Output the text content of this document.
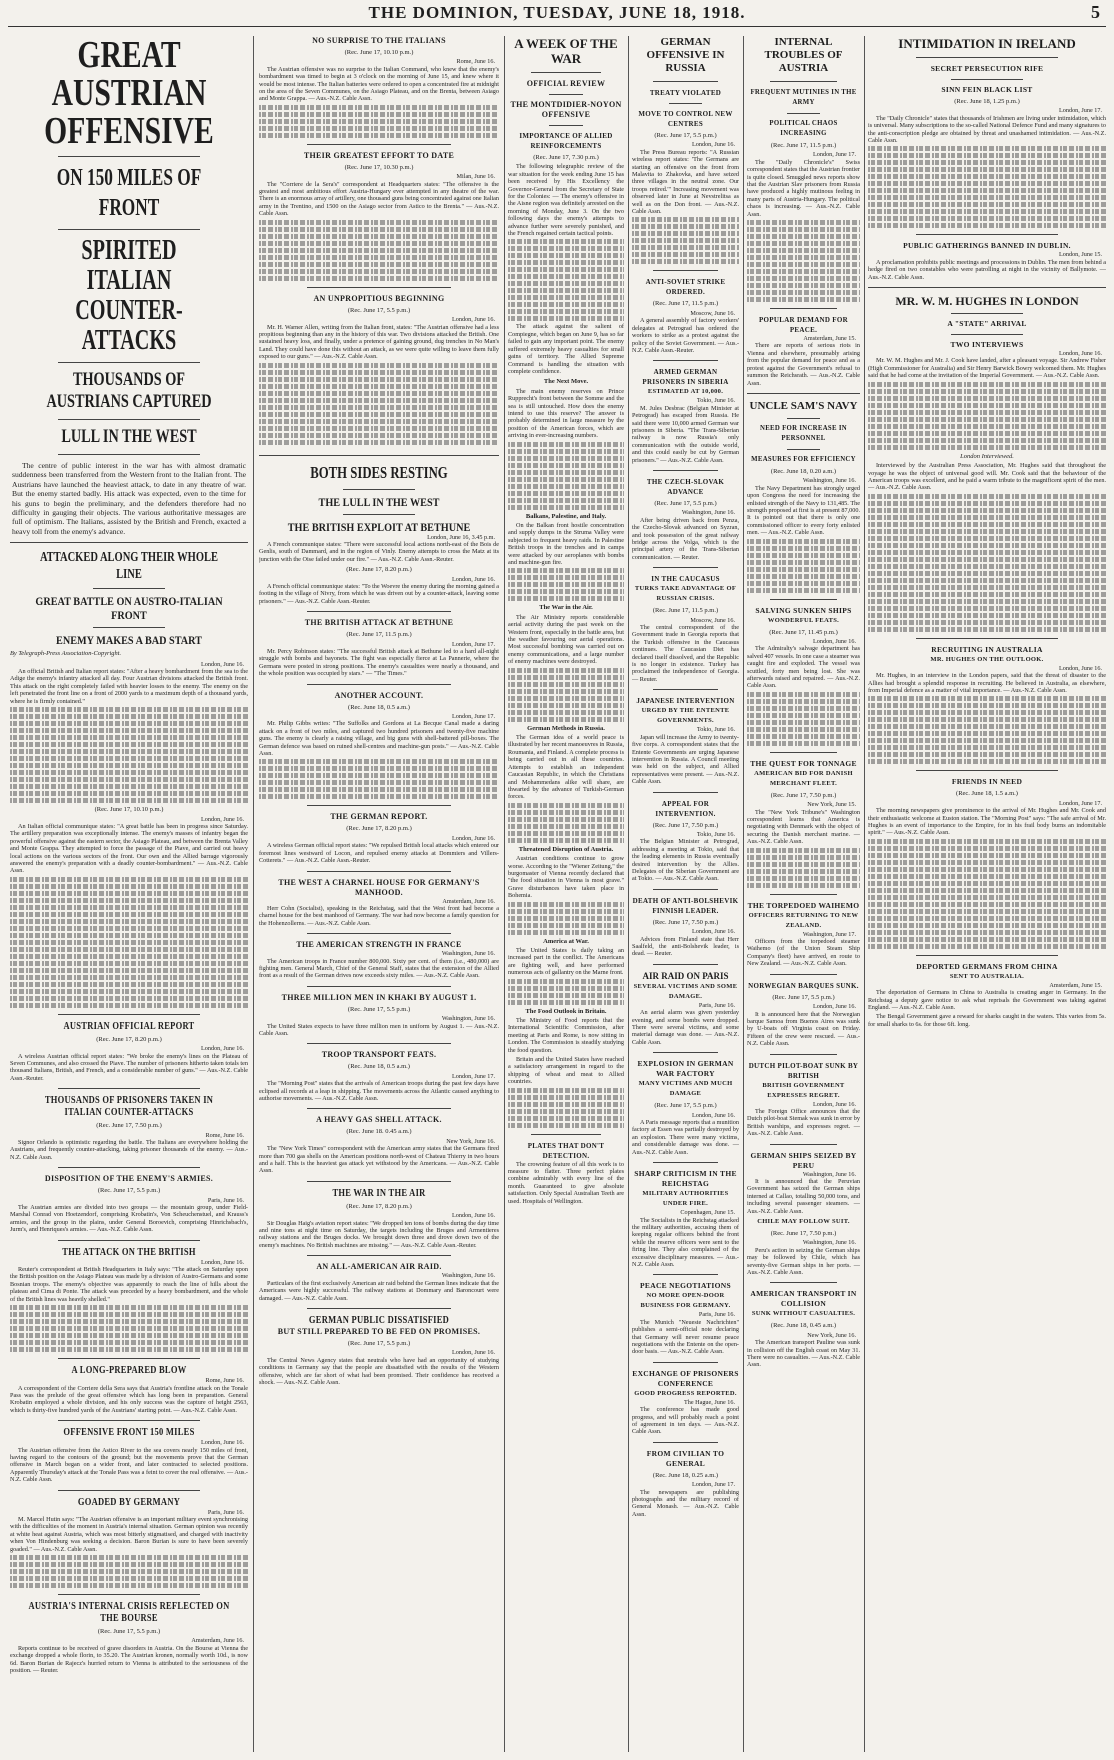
THE DOMINION, TUESDAY, JUNE 18, 1918.	5
GREAT AUSTRIAN OFFENSIVE
ON 150 MILES OF FRONT
SPIRITED ITALIAN COUNTER-ATTACKS
THOUSANDS OF AUSTRIANS CAPTURED
LULL IN THE WEST

The centre of public interest in the war has with almost dramatic suddenness been transferred from the Western front to the Italian front. The Austrians have launched the heaviest attack, to date in any theatre of war. But the enemy started badly. His attack was expected, even to the time for his guns to begin the preliminary, and the defenders therefore had no difficulty in gauging their objects. The various authoritative messages are full of optimism. The Italians, assisted by the British and French, exacted a heavy toll from the enemy's advance.

ATTACKED ALONG THEIR WHOLE LINE
GREAT BATTLE ON AUSTRO-ITALIAN FRONT
ENEMY MAKES A BAD START
By Telegraph-Press Association-Copyright.
London, June 16.

An official British and Italian report states: "After a heavy bombardment from the sea to the Adige the enemy's infantry attacked all day. Four Austrian divisions attacked the British front. This attack on the right completely failed with heavier losses to the enemy. The enemy on the left penetrated the front line on a front of 2000 yards to a maximum depth of a thousand yards, where he is firmly contained."

(Rec. June 17, 10.10 p.m.)
London, June 16.

An Italian official communique states: "A great battle has been in progress since Saturday. The artillery preparation was exceptionally intense. The enemy's masses of infantry began the powerful offensive against the eastern sector, the Asiago Plateau, and between the Brenta Valley and Monte Grappa. They attempted to force the passage of the Piave, and carried out heavy local actions on the various sectors of the front. Our own and the Allied barrage vigorously answered the enemy's preparation with a deadly counter-bombardment." — Aus.-N.Z. Cable Assn.

AUSTRIAN OFFICIAL REPORT
(Rec. June 17, 8.20 p.m.)
London, June 16.

A wireless Austrian official report states: "We broke the enemy's lines on the Plateau of Seven Communes, and also crossed the Piave. The number of prisoners hitherto taken totals ten thousand Italians, British, and French, and a considerable number of guns." — Aus.-N.Z. Cable Assn.-Reuter.

THOUSANDS OF PRISONERS TAKEN IN ITALIAN COUNTER-ATTACKS
(Rec. June 17, 7.50 p.m.)
Rome, June 16.

Signor Orlando is optimistic regarding the battle. The Italians are everywhere holding the Austrians, and frequently counter-attacking, taking prisoner thousands of the enemy. — Aus.-N.Z. Cable Assn.

DISPOSITION OF THE ENEMY'S ARMIES.
(Rec. June 17, 5.5 p.m.)
Paris, June 16.

The Austrian armies are divided into two groups — the mountain group, under Field-Marshal Conrad von Hoetzendorf, comprising Krobatin's, Von Scheuchenstuel, and Krauss's armies, and the group in the plains, under General Boroevich, comprising Hinrichsbach's, Jurm's, and Henriques's armies. — Aus.-N.Z. Cable Assn.

THE ATTACK ON THE BRITISH
London, June 16.

Reuter's correspondent at British Headquarters in Italy says: "The attack on Saturday upon the British position on the Asiago Plateau was made by a division of Austro-Germans and some Bosnian troops. The enemy's objective was apparently to reach the line of hills about the plateau and Cima di Ponte. The attack was preceded by a heavy bombardment, and the whole of the British lines was heavily shelled."

A LONG-PREPARED BLOW
Rome, June 16.

A correspondent of the Corriere della Sera says that Austria's frontline attack on the Tonale Pass was the prelude of the great offensive which has long been in preparation. General Krobatin employed a whole division, and his only success was the capture of height 2563, which is thirty-five hundred yards of the Austrians' starting point. — Aus.-N.Z. Cable Assn.

OFFENSIVE FRONT 150 MILES
London, June 16.

The Austrian offensive from the Astico River to the sea covers nearly 150 miles of front, having regard to the contours of the ground; but the movements prove that the German offensive in March began on a wider front, and later contracted to selected positions. Apparently Thursday's attack at the Tonale Pass was a feint to cover the real offensive. — Aus.-N.Z. Cable Assn.

GOADED BY GERMANY
Paris, June 16.

M. Marcel Hutin says: "The Austrian offensive is an important military event synchronising with the difficulties of the moment in Austria's internal situation. German opinion was recently at white heat against Austria, which was most bitterly stigmatised, and charged with inactivity when Von Hindenburg was seeking a decision. Baron Burian is sure to have been severely goaded." — Aus.-N.Z. Cable Assn.

AUSTRIA'S INTERNAL CRISIS REFLECTED ON THE BOURSE
(Rec. June 17, 5.5 p.m.)
Amsterdam, June 16.

Reports continue to be received of grave disorders in Austria. On the Bourse at Vienna the exchange dropped a whole florin, to 35.20. The Austrian kronen, normally worth 10d., is now 6d. Baron Burian de Rajecz's hurried return to Vienna is attributed to the seriousness of the position. — Reuter.

NO SURPRISE TO THE ITALIANS
(Rec. June 17, 10.10 p.m.)
Rome, June 16.

The Austrian offensive was no surprise to the Italian Command, who knew that the enemy's bombardment was timed to begin at 3 o'clock on the morning of June 15, and knew where it would be most intense. The Italian batteries were ordered to open a concentrated fire at midnight on the area of the Seven Communes, on the Asiago Plateau, and on the Brenta, between Asiago and Monte Grappa. — Aus.-N.Z. Cable Assn.

THEIR GREATEST EFFORT TO DATE
(Rec. June 17, 10.30 p.m.)
Milan, June 16.

The "Corriere de la Sera's" correspondent at Headquarters states: "The offensive is the greatest and most ambitious effort Austria-Hungary ever attempted in any theatre of the war. There is an enormous array of artillery, one thousand guns being concentrated against one Italian army in the Trentino, and 1500 on the Asiago sector from Astico to the Brenta." — Aus.-N.Z. Cable Assn.

AN UNPROPITIOUS BEGINNING
(Rec. June 17, 5.5 p.m.)
London, June 16.

Mr. H. Warner Allen, writing from the Italian front, states: "The Austrian offensive had a less propitious beginning than any in the history of this war. Two divisions attacked the British. One sustained heavy loss, and finally, under a pretence of gaining ground, dug trenches in No Man's Land. They could have done this without an attack, as we were quite willing to leave them fully exposed to our guns." — Aus.-N.Z. Cable Assn.

BOTH SIDES RESTING
THE LULL IN THE WEST
THE BRITISH EXPLOIT AT BETHUNE
London, June 16, 3.45 p.m.

A French communique states: "There were successful local actions north-east of the Bois de Genlis, south of Dammard, and in the region of Vinly. Enemy attempts to cross the Matz at its junction with the Oise failed under our fire." — Aus.-N.Z. Cable Assn.-Reuter.

(Rec. June 17, 8.20 p.m.)
London, June 16.

A French official communique states: "To the Woevre the enemy during the morning gained a footing in the village of Nivry, from which he was driven out by a counter-attack, leaving some prisoners." — Aus.-N.Z. Cable Assn.-Reuter.

THE BRITISH ATTACK AT BETHUNE
(Rec. June 17, 11.5 p.m.)
London, June 17.

Mr. Percy Robinson states: "The successful British attack at Bethune led to a hard all-night struggle with bombs and bayonets. The fight was especially fierce at La Pannerie, where the Germans were posted in strong positions. The enemy's casualties were nearly a thousand, and the whole position was occupied by stars." — "The Times."

ANOTHER ACCOUNT.
(Rec. June 18, 0.5 a.m.)
London, June 17.

Mr. Philip Gibbs writes: "The Suffolks and Gordons at La Becque Canal made a daring attack on a front of two miles, and captured two hundred prisoners and twenty-five machine guns. The enemy is clearly a raising village, and big guns with shell-battered pill-boxes. The German defence was based on ruined shell-centres and machine-gun posts." — Aus.-N.Z. Cable Assn.

THE GERMAN REPORT.
(Rec. June 17, 8.20 p.m.)
London, June 16.

A wireless German official report states: "We repulsed British local attacks which entered our foremost lines westward of Locon, and repulsed enemy attacks at Dommiers and Villers-Cotterets." — Aus.-N.Z. Cable Assn.-Reuter.

THE WEST A CHARNEL HOUSE FOR GERMANY'S MANHOOD.
Amsterdam, June 16.

Herr Cohn (Socialist), speaking in the Reichstag, said that the West front had become a charnel house for the best manhood of Germany. The war had now become a family question for the Hohenzollerns. — Aus.-N.Z. Cable Assn.

THE AMERICAN STRENGTH IN FRANCE
Washington, June 16.

The American troops in France number 800,000. Sixty per cent. of them (i.e., 480,000) are fighting men. General March, Chief of the General Staff, states that the extension of the Allied front as a result of the German drives now exceeds sixty miles. — Aus.-N.Z. Cable Assn.

THREE MILLION MEN IN KHAKI BY AUGUST 1.
(Rec. June 17, 5.5 p.m.)
Washington, June 16.

The United States expects to have three million men in uniform by August 1. — Aus.-N.Z. Cable Assn.

TROOP TRANSPORT FEATS.
(Rec. June 18, 0.5 a.m.)
London, June 17.

The "Morning Post" states that the arrivals of American troops during the past few days have eclipsed all records at a leap in shipping. The movements across the Atlantic caused anything to authorise movements. — Aus.-N.Z. Cable Assn.

A HEAVY GAS SHELL ATTACK.
(Rec. June 18. 0.45 a.m.)
New York, June 16.

The "New York Times" correspondent with the American army states that the Germans fired more than 700 gas shells on the American positions north-west of Chateau Thierry in two hours and a half. This is the heaviest gas attack yet withstood by the Americans. — Aus.-N.Z. Cable Assn.

THE WAR IN THE AIR
(Rec. June 17, 8.20 p.m.)
London, June 16.

Sir Douglas Haig's aviation report states: "We dropped ten tons of bombs during the day time and nine tons at night time on Saturday, the targets including the Bruges and Armentieres railway stations and the Bruges docks. We brought down three and drove down two of the enemy's machines. No British machines are missing." — Aus.-N.Z. Cable Assn.-Reuter.

AN ALL-AMERICAN AIR RAID.
Washington, June 16.

Particulars of the first exclusively American air raid behind the German lines indicate that the Americans were highly successful. The railway stations at Dommary and Baroncourt were damaged. — Aus.-N.Z. Cable Assn.

GERMAN PUBLIC DISSATISFIED
BUT STILL PREPARED TO BE FED ON PROMISES.
(Rec. June 17, 5.5 p.m.)
London, June 16.

The Central News Agency states that neutrals who have had an opportunity of studying conditions in Germany say that the people are dissatisfied with the results of the Western offensive, which are far short of what had been promised. Their confidence has received a shock. — Aus.-N.Z. Cable Assn.

A WEEK OF THE WAR
OFFICIAL REVIEW
THE MONTDIDIER-NOYON OFFENSIVE
IMPORTANCE OF ALLIED REINFORCEMENTS
(Rec. June 17, 7.30 p.m.)

The following telegraphic review of the war situation for the week ending June 15 has been received by His Excellency the Governor-General from the Secretary of State for the Colonies: — The enemy's offensive in the Aisne region was definitely arrested on the morning of Monday, June 3. On the two following days the enemy's attempts to advance further were severely punished, and the French regained certain tactical points.

The attack against the salient of Compiegne, which began on June 9, has so far failed to gain any important point. The enemy suffered extremely heavy casualties for small gains of territory. The Allied Supreme Command is handling the situation with complete confidence.

The Next Move.

The main enemy reserves on Prince Rupprecht's front between the Somme and the sea is still untouched. How does the enemy intend to use this reserve? The answer is probably determined in large measure by the position of the American forces, which are arriving in ever-increasing numbers.

Balkans, Palestine, and Italy.

On the Balkan front hostile concentration and supply dumps in the Struma Valley were subjected to frequent heavy raids. In Palestine British troops in the trenches and in camps were attacked by our aeroplanes with bombs and machine-gun fire.

The War in the Air.

The Air Ministry reports considerable aerial activity during the past week on the Western front, especially in the battle area, but the weather favouring our aerial operations. Most successful bombing was carried out on enemy communications, and a large number of enemy machines were destroyed.

German Methods in Russia.

The German idea of a world peace is illustrated by her recent manoeuvres in Russia, Roumania, and Finland. A complete process is being carried out in all these countries. Attempts to establish an independent Caucasian Republic, in which the Christians and Mohammedans alike will share, are thwarted by the advance of Turkish-German forces.

Threatened Disruption of Austria.

Austrian conditions continue to grow worse. According to the "Wiener Zeitung," the burgomaster of Vienna recently declared that "the food situation in Vienna is most grave." Grave disturbances have taken place in Bohemia.

America at War.

The United States is daily taking an increased part in the conflict. The Americans are fighting well, and have performed numerous acts of gallantry on the Marne front.

The Food Outlook in Britain.

The Ministry of Food reports that the International Scientific Commission, after meeting at Paris and Rome, is now sitting in London. The Commission is steadily studying the food question.

Britain and the United States have reached a satisfactory arrangement in regard to the shipping of wheat and meat to Allied countries.

PLATES THAT DON'T DETECTION.

The crowning feature of all this work is to measure to flatter. Three perfect plates combine admirably with every line of the month. Guaranteed to give absolute satisfaction. Only Special Australian Teeth are used. Hospitals of Wellington.

GERMAN OFFENSIVE IN RUSSIA
TREATY VIOLATED
MOVE TO CONTROL NEW CENTRES
(Rec. June 17, 5.5 p.m.)
London, June 16.

The Press Bureau reports: "A Russian wireless report states: 'The Germans are starting an offensive on the front from Malavita to Zhakovka, and have seized three villages in the neutral zone. Our troops retired.'" Increasing movement was observed later in June at Nevstrelitsa as well as on the Don front. — Aus.-N.Z. Cable Assn.

ANTI-SOVIET STRIKE ORDERED.
(Rec. June 17, 11.5 p.m.)
Moscow, June 16.

A general assembly of factory workers' delegates at Petrograd has ordered the workers to strike as a protest against the policy of the Soviet Government. — Aus.-N.Z. Cable Assn.-Reuter.

ARMED GERMAN PRISONERS IN SIBERIA
ESTIMATED AT 10,000.
Tokio, June 16.

M. Jules Desbrac (Belgian Minister at Petrograd) has escaped from Russia. He said there were 10,000 armed German war prisoners in Siberia. "The Trans-Siberian railway is now Russia's only communication with the outside world, and this could easily be cut by German prisoners." — Aus.-N.Z. Cable Assn.

THE CZECH-SLOVAK ADVANCE
(Rec. June 17, 5.5 p.m.)
Washington, June 16.

After being driven back from Penza, the Czecho-Slovak advanced on Syzran, and took possession of the great railway bridge across the Volga, which is the principal artery of the Trans-Siberian communication. — Reuter.

IN THE CAUCASUS
TURKS TAKE ADVANTAGE OF RUSSIAN CRISIS.
(Rec. June 17, 11.5 p.m.)
Moscow, June 16.

The central correspondent of the Government trade in Georgia reports that the Turkish offensive in the Caucasus continues. The Caucasian Diet has declared itself dissolved, and the Republic is no longer in existence. Turkey has proclaimed the independence of Georgia. — Reuter.

JAPANESE INTERVENTION
URGED BY THE ENTENTE GOVERNMENTS.
Tokio, June 16.

Japan will increase the Army to twenty-five corps. A correspondent states that the Entente Governments are urging Japanese intervention in Russia. A Council meeting was held on the subject, and Allied representatives were present. — Aus.-N.Z. Cable Assn.

APPEAL FOR INTERVENTION.
(Rec. June 17, 7.50 p.m.)
Tokio, June 16.

The Belgian Minister at Petrograd, addressing a meeting at Tokio, said that the leading elements in Russia eventually desired intervention by the Allies. Delegates of the Siberian Government are at Tokio. — Aus.-N.Z. Cable Assn.

DEATH OF ANTI-BOLSHEVIK FINNISH LEADER.
(Rec. June 17, 7.50 p.m.)
London, June 16.

Advices from Finland state that Herr Saalfeld, the anti-Bolshevik leader, is dead. — Reuter.

AIR RAID ON PARIS
SEVERAL VICTIMS AND SOME DAMAGE.
Paris, June 16.

An aerial alarm was given yesterday evening, and some bombs were dropped. There were several victims, and some material damage was done. — Aus.-N.Z. Cable Assn.

EXPLOSION IN GERMAN WAR FACTORY
MANY VICTIMS AND MUCH DAMAGE
(Rec. June 17, 5.5 p.m.)
London, June 16.

A Paris message reports that a munition factory at Essen was partially destroyed by an explosion. There were many victims, and considerable damage was done. — Aus.-N.Z. Cable Assn.

SHARP CRITICISM IN THE REICHSTAG
MILITARY AUTHORITIES UNDER FIRE.
Copenhagen, June 15.

The Socialists in the Reichstag attacked the military authorities, accusing them of keeping regular officers behind the front while the reserve officers were sent to the firing line. They also complained of the excessive disciplinary measures. — Aus.-N.Z. Cable Assn.

PEACE NEGOTIATIONS
NO MORE OPEN-DOOR BUSINESS FOR GERMANY.
Paris, June 16.

The Munich "Neueste Nachrichten" publishes a semi-official note declaring that Germany will never resume peace negotiations with the Entente on the open-door basis. — Aus.-N.Z. Cable Assn.

EXCHANGE OF PRISONERS CONFERENCE
GOOD PROGRESS REPORTED.
The Hague, June 16.

The conference has made good progress, and will probably reach a point of agreement in ten days. — Aus.-N.Z. Cable Assn.

FROM CIVILIAN TO GENERAL
(Rec. June 18, 0.25 a.m.)
London, June 17.

The newspapers are publishing photographs and the military record of General Monash. — Aus.-N.Z. Cable Assn.

INTERNAL TROUBLES OF AUSTRIA
FREQUENT MUTINIES IN THE ARMY
POLITICAL CHAOS INCREASING
(Rec. June 17, 11.5 p.m.)
London, June 17.

The "Daily Chronicle's" Swiss correspondent states that the Austrian frontier is quite closed. Smuggled news reports show that the Austrian Slav prisoners from Russia have produced a highly mutinous feeling in many parts of Austria-Hungary. The political chaos is increasing. — Aus.-N.Z. Cable Assn.

POPULAR DEMAND FOR PEACE.
Amsterdam, June 15.

There are reports of serious riots in Vienna and elsewhere, presumably arising from the popular demand for peace and as a protest against the Government's refusal to summon the Reichsrath. — Aus.-N.Z. Cable Assn.

UNCLE SAM'S NAVY
NEED FOR INCREASE IN PERSONNEL
MEASURES FOR EFFICIENCY
(Rec. June 18, 0.20 a.m.)
Washington, June 16.

The Navy Department has strongly urged upon Congress the need for increasing the enlisted strength of the Navy to 131,485. The strength proposed at first is at present 87,000. It is pointed out that there is only one commissioned officer to every forty enlisted men. — Aus.-N.Z. Cable Assn.

SALVING SUNKEN SHIPS
WONDERFUL FEATS.
(Rec. June 17, 11.45 p.m.)
London, June 16.

The Admiralty's salvage department has salved 407 vessels. In one case a steamer was caught fire and exploded. The vessel was scuttled, forty men being lost. She was afterwards raised and repaired. — Aus.-N.Z. Cable Assn.

THE QUEST FOR TONNAGE
AMERICAN BID FOR DANISH MERCHANT FLEET.
(Rec. June 17, 7.50 p.m.)
New York, June 15.

The "New York Tribune's" Washington correspondent learns that America is negotiating with Denmark with the object of securing the Danish merchant marine. — Aus.-N.Z. Cable Assn.

THE TORPEDOED WAIHEMO
OFFICERS RETURNING TO NEW ZEALAND.
Washington, June 17.

Officers from the torpedoed steamer Waihemo (of the Union Steam Ship Company's fleet) have arrived, en route to New Zealand. — Aus.-N.Z. Cable Assn.

NORWEGIAN BARQUES SUNK.
(Rec. June 17, 5.5 p.m.)
London, June 16.

It is announced here that the Norwegian barque Samoa from Buenos Aires was sunk by U-boats off Virginia coast on Friday. Fifteen of the crew were rescued. — Aus.-N.Z. Cable Assn.

DUTCH PILOT-BOAT SUNK BY BRITISH
BRITISH GOVERNMENT EXPRESSES REGRET.
London, June 16.

The Foreign Office announces that the Dutch pilot-boat Stemak was sunk in error by British warships, and expresses regret. — Aus.-N.Z. Cable Assn.

GERMAN SHIPS SEIZED BY PERU
Washington, June 16.

It is announced that the Peruvian Government has seized the German ships interned at Callao, totalling 50,000 tons, and including several passenger steamers. — Aus.-N.Z. Cable Assn.

CHILE MAY FOLLOW SUIT.
(Rec. June 17, 7.50 p.m.)
Washington, June 16.

Peru's action in seizing the German ships may be followed by Chile, which has seventy-five German ships in her ports. — Aus.-N.Z. Cable Assn.

AMERICAN TRANSPORT IN COLLISION
SUNK WITHOUT CASUALTIES.
(Rec. June 18, 0.45 a.m.)
New York, June 16.

The American transport Pauline was sunk in collision off the English coast on May 31. There were no casualties. — Aus.-N.Z. Cable Assn.

INTIMIDATION IN IRELAND
SECRET PERSECUTION RIFE
SINN FEIN BLACK LIST
(Rec. June 18, 1.25 p.m.)
London, June 17.

The "Daily Chronicle" states that thousands of Irishmen are living under intimidation, which is universal. Many subscriptions to the so-called National Defence Fund and many signatures to the anti-conscription pledge are obtained by threat and unashamed intimidation. — Aus.-N.Z. Cable Assn.

PUBLIC GATHERINGS BANNED IN DUBLIN.
London, June 15.

A proclamation prohibits public meetings and processions in Dublin. The men from behind a hedge fired on two constables who were patrolling at night in the vicinity of Ballymote. — Aus.-N.Z. Cable Assn.

MR. W. M. HUGHES IN LONDON
A "STATE" ARRIVAL
TWO INTERVIEWS
London, June 16.

Mr. W. M. Hughes and Mr. J. Cook have landed, after a pleasant voyage. Sir Andrew Fisher (High Commissioner for Australia) and Sir Henry Barwick Bowry welcomed them. Mr. Hughes said that he had come at the invitation of the Imperial Government. — Aus.-N.Z. Cable Assn.

London Interviewed.

Interviewed by the Australian Press Association, Mr. Hughes said that throughout the voyage he was the object of universal good will. Mr. Cook said that the behaviour of the American troops was excellent, and he paid a warm tribute to the magnificent spirit of the men. — Aus.-N.Z. Cable Assn.

RECRUITING IN AUSTRALIA
MR. HUGHES ON THE OUTLOOK.
London, June 16.

Mr. Hughes, in an interview in the London papers, said that the threat of disaster to the Allies had brought a splendid response in recruiting. He believed in Australia, as elsewhere, from Imperial defence as a matter of vital importance. — Aus.-N.Z. Cable Assn.

FRIENDS IN NEED
(Rec. June 18, 1.5 a.m.)
London, June 17.

The morning newspapers give prominence to the arrival of Mr. Hughes and Mr. Cook and their enthusiastic welcome at Euston station. The "Morning Post" says: "The safe arrival of Mr. Hughes is an event of importance to the Empire, for in his frail body burns an indomitable spirit." — Aus.-N.Z. Cable Assn.

DEPORTED GERMANS FROM CHINA
SENT TO AUSTRALIA.
Amsterdam, June 15.

The deportation of Germans in China to Australia is creating anger in Germany. In the Reichstag a deputy gave notice to ask what reprisals the Government was taking against England. — Aus.-N.Z. Cable Assn.

The Bengal Government gave a reward for sharks caught in the waters. This varies from 5s. for small sharks to 6s. for those 6ft. long.
